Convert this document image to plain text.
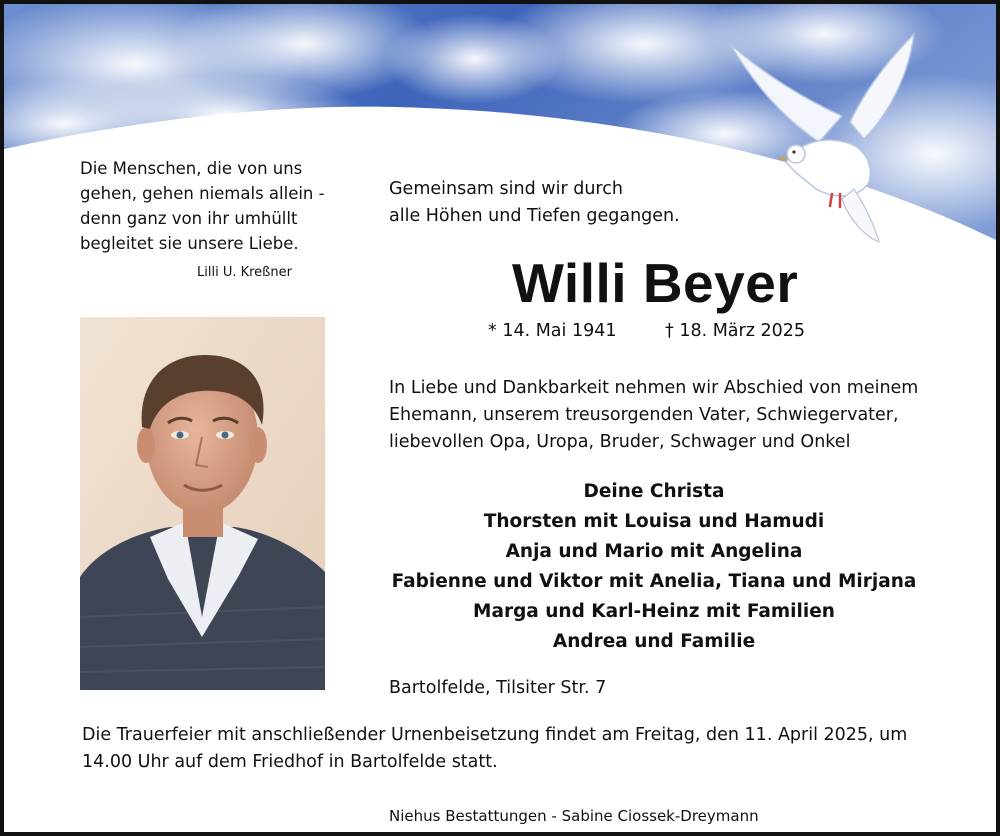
Die Menschen, die von uns
gehen, gehen niemals allein -
denn ganz von ihr umhüllt
begleitet sie unsere Liebe.
Lilli U. Kreßner
Gemeinsam sind wir durch
alle Höhen und Tiefen gegangen.
Willi Beyer
* 14. Mai 1941	† 18. März 2025
In Liebe und Dankbarkeit nehmen wir Abschied von meinem
Ehemann, unserem treusorgenden Vater, Schwiegervater,
liebevollen Opa, Uropa, Bruder, Schwager und Onkel
Deine Christa
Thorsten mit Louisa und Hamudi
Anja und Mario mit Angelina
Fabienne und Viktor mit Anelia, Tiana und Mirjana
Marga und Karl-Heinz mit Familien
Andrea und Familie
Bartolfelde, Tilsiter Str. 7
Die Trauerfeier mit anschließender Urnenbeisetzung findet am Freitag, den 11. April 2025, um
14.00 Uhr auf dem Friedhof in Bartolfelde statt.
Niehus Bestattungen - Sabine Ciossek-Dreymann
